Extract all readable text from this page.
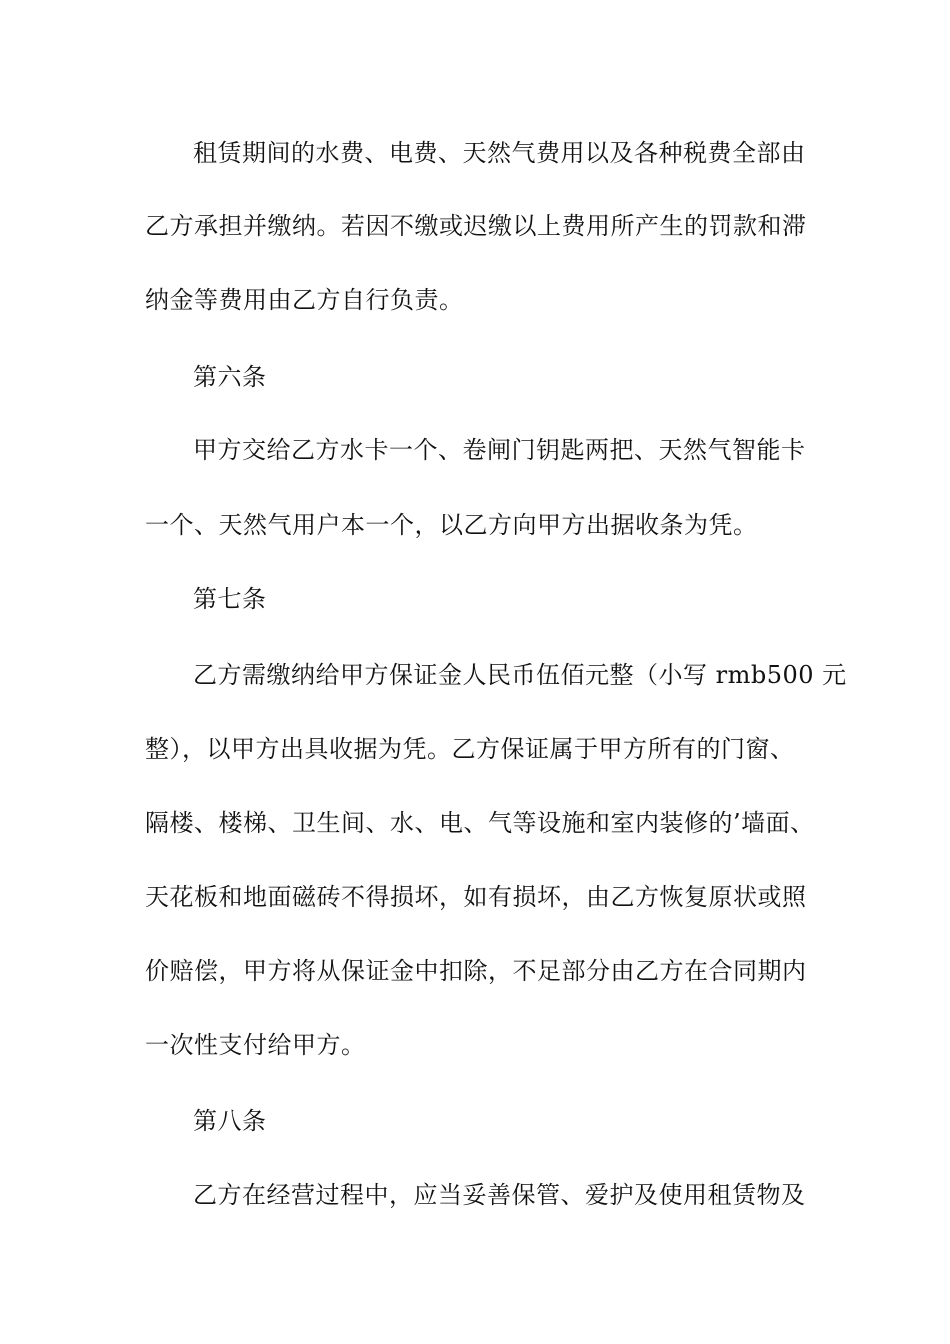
租赁期间的水费、电费、天然气费用以及各种税费全部由
乙方承担并缴纳。若因不缴或迟缴以上费用所产生的罚款和滞
纳金等费用由乙方自行负责。
第六条
甲方交给乙方水卡一个、卷闸门钥匙两把、天然气智能卡
一个、天然气用户本一个，以乙方向甲方出据收条为凭。
第七条
乙方需缴纳给甲方保证金人民币伍佰元整（小写 rmb500 元
整），以甲方出具收据为凭。乙方保证属于甲方所有的门窗、
隔楼、楼梯、卫生间、水、电、气等设施和室内装修的’墙面、
天花板和地面磁砖不得损坏，如有损坏，由乙方恢复原状或照
价赔偿，甲方将从保证金中扣除，不足部分由乙方在合同期内
一次性支付给甲方。
第八条
乙方在经营过程中，应当妥善保管、爱护及使用租赁物及
